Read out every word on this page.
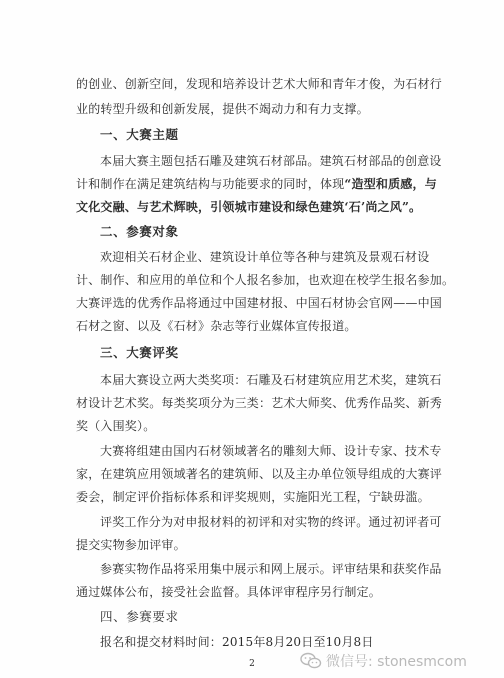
的创业、创新空间，发现和培养设计艺术大师和青年才俊，为石材行
业的转型升级和创新发展，提供不竭动力和有力支撑。
一、大赛主题
本届大赛主题包括石雕及建筑石材部品。建筑石材部品的创意设
计和制作在满足建筑结构与功能要求的同时，体现“造型和质感，与
文化交融、与艺术辉映，引领城市建设和绿色建筑‘石’尚之风”。
二、参赛对象
欢迎相关石材企业、建筑设计单位等各种与建筑及景观石材设
计、制作、和应用的单位和个人报名参加，也欢迎在校学生报名参加。
大赛评选的优秀作品将通过中国建材报、中国石材协会官网——中国
石材之窗、以及《石材》杂志等行业媒体宣传报道。
三、大赛评奖
本届大赛设立两大类奖项：石雕及石材建筑应用艺术奖，建筑石
材设计艺术奖。每类奖项分为三类：艺术大师奖、优秀作品奖、新秀
奖（入围奖）。
大赛将组建由国内石材领域著名的雕刻大师、设计专家、技术专
家，在建筑应用领域著名的建筑师、以及主办单位领导组成的大赛评
委会，制定评价指标体系和评奖规则，实施阳光工程，宁缺毋滥。
评奖工作分为对申报材料的初评和对实物的终评。通过初评者可
提交实物参加评审。
参赛实物作品将采用集中展示和网上展示。评审结果和获奖作品
通过媒体公布，接受社会监督。具体评审程序另行制定。
四、参赛要求
报名和提交材料时间：2015年8月20日至10月8日
2	微信号: stonesmcom
